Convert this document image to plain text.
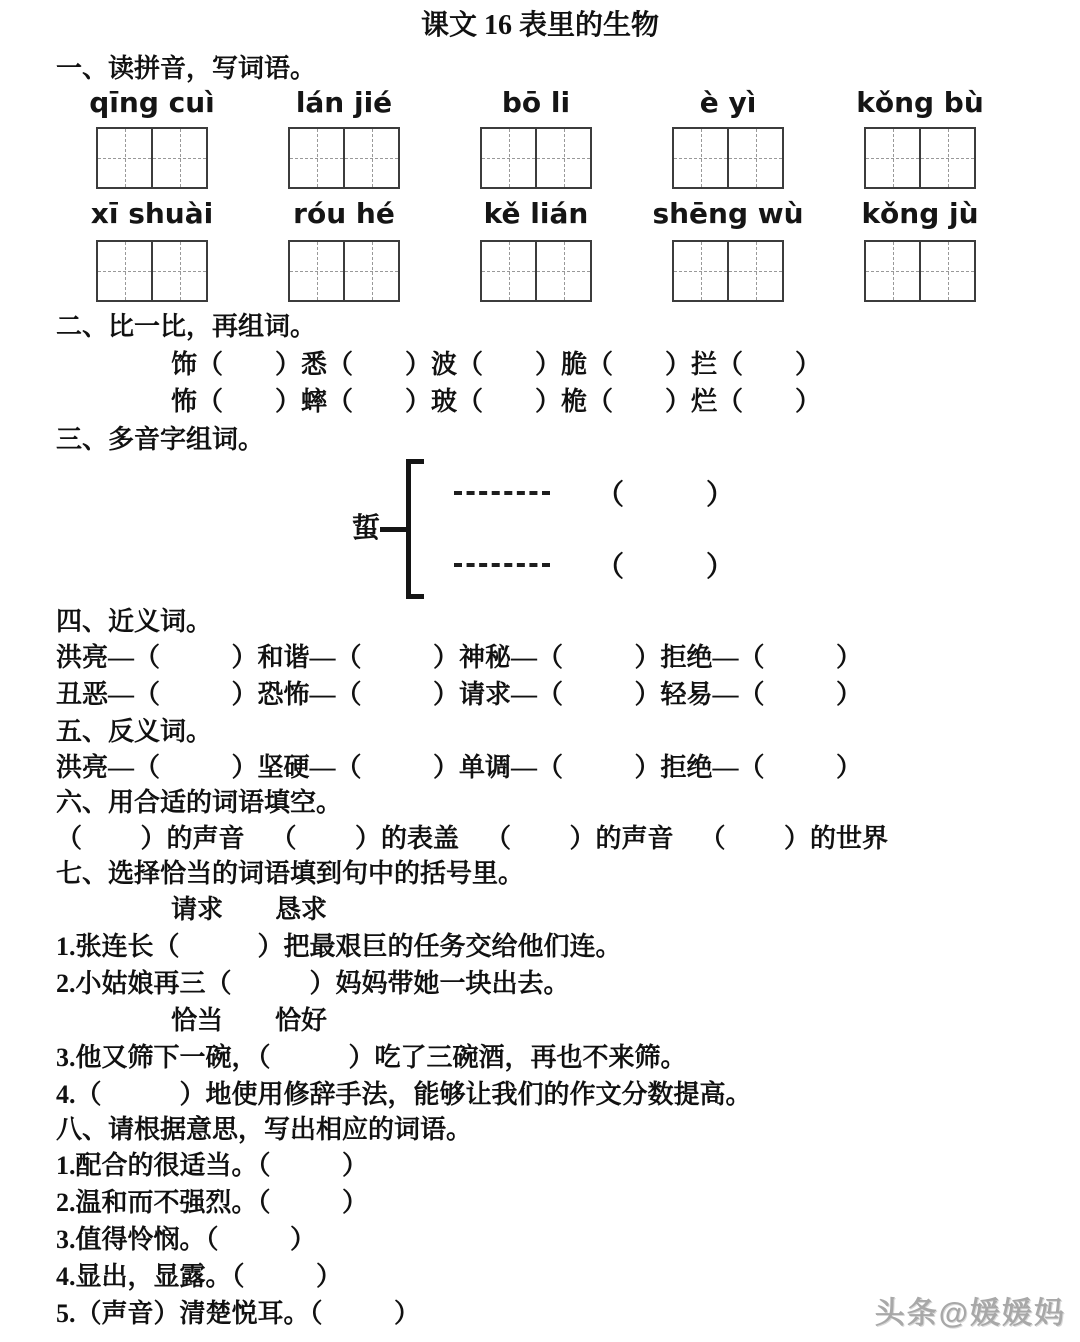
课文 16 表里的生物
一、读拼音，写词语。
qīng cuì	lán jié	bō li	è yì	kǒng bù
xī shuài	róu hé	kě lián	shēng wù	kǒng jù
二、比一比，再组词。
饰（        ）悉（        ）波（        ）脆（        ）拦（        ）
怖（        ）蟀（        ）玻（        ）桅（        ）烂（        ）
三、多音字组词。
蜇
（	）
（	）
四、近义词。
洪亮—（           ）和谐—（           ）神秘—（           ）拒绝—（           ）
丑恶—（           ）恐怖—（           ）请求—（           ）轻易—（           ）
五、反义词。
洪亮—（           ）坚硬—（           ）单调—（           ）拒绝—（           ）
六、用合适的词语填空。
（         ）的声音    （         ）的表盖    （         ）的声音    （         ）的世界
七、选择恰当的词语填到句中的括号里。
请求        恳求
1.张连长（            ）把最艰巨的任务交给他们连。
2.小姑娘再三（            ）妈妈带她一块出去。
恰当        恰好
3.他又筛下一碗，（            ）吃了三碗酒，再也不来筛。
4.（            ）地使用修辞手法，能够让我们的作文分数提高。
八、请根据意思，写出相应的词语。
1.配合的很适当。（           ）
2.温和而不强烈。（           ）
3.值得怜悯。（           ）
4.显出，显露。（           ）
5.（声音）清楚悦耳。（           ）	头条@媛媛妈
